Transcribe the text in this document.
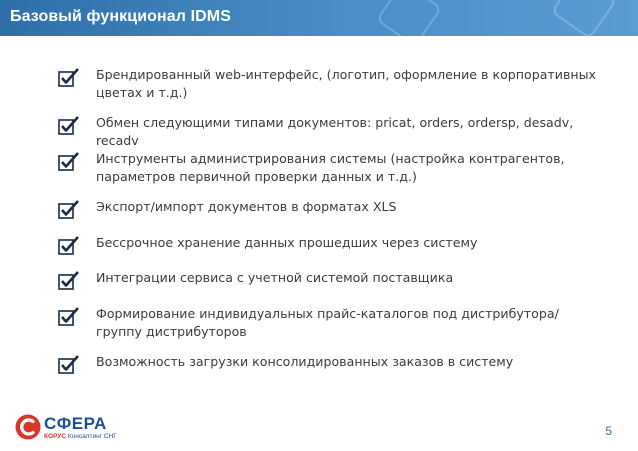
Базовый функционал IDMS
Брендированный web-интерфейс, (логотип, оформление в корпоративных цветах и т.д.)
Обмен следующими типами документов: pricat, orders, ordersp, desadv, recadv
Инструменты администрирования системы (настройка контрагентов, параметров первичной проверки данных и т.д.)
Экспорт/импорт документов в форматах XLS
Бессрочное хранение данных прошедших через систему
Интеграции сервиса с учетной системой поставщика
Формирование индивидуальных прайс-каталогов под дистрибутора/группу дистрибуторов
Возможность загрузки консолидированных заказов в систему
СФЕРА
КОРУС Консалтинг СНГ	5
